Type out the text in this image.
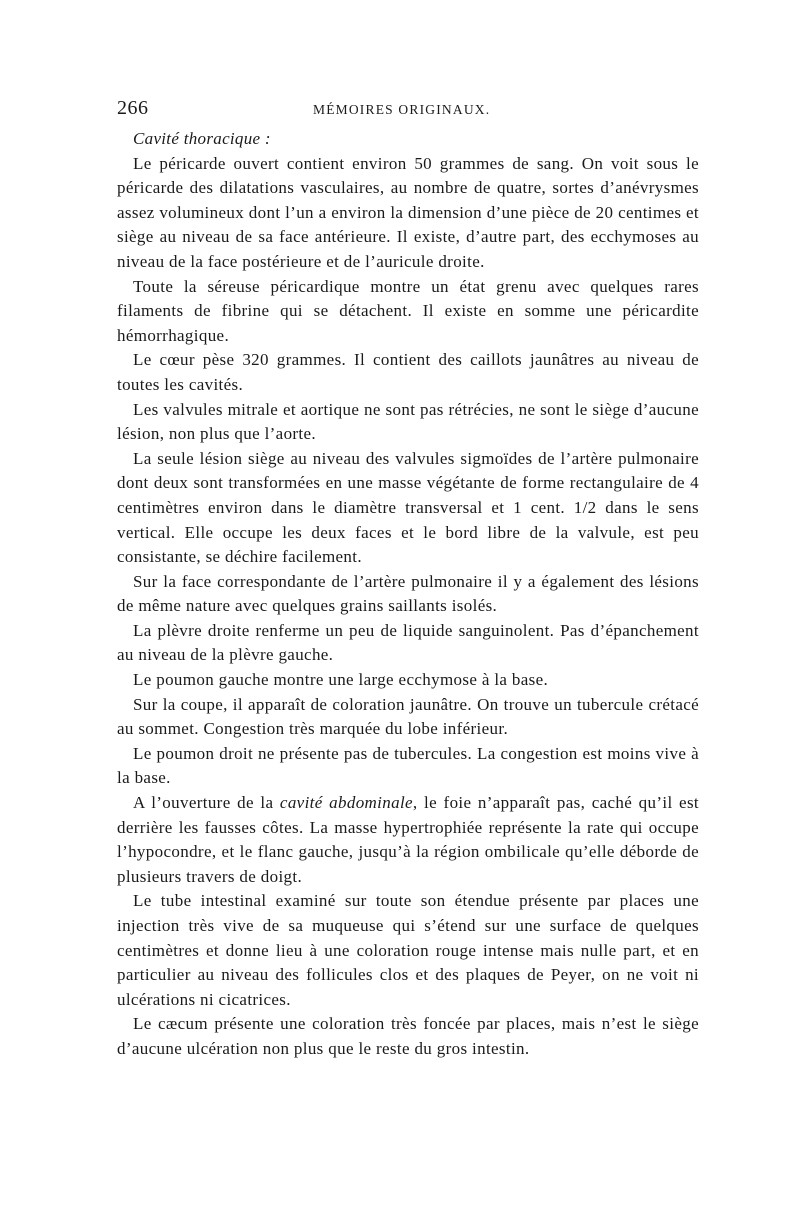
266	MÉMOIRES ORIGINAUX.
Cavité thoracique :

Le péricarde ouvert contient environ 50 grammes de sang. On voit sous le péricarde des dilatations vasculaires, au nombre de quatre, sortes d’anévrysmes assez volumineux dont l’un a environ la dimension d’une pièce de 20 centimes et siège au niveau de sa face antérieure. Il existe, d’autre part, des ecchymoses au niveau de la face postérieure et de l’auricule droite.

Toute la séreuse péricardique montre un état grenu avec quelques rares filaments de fibrine qui se détachent. Il existe en somme une péricardite hémorrhagique.

Le cœur pèse 320 grammes. Il contient des caillots jaunâtres au niveau de toutes les cavités.

Les valvules mitrale et aortique ne sont pas rétrécies, ne sont le siège d’aucune lésion, non plus que l’aorte.

La seule lésion siège au niveau des valvules sigmoïdes de l’artère pulmonaire dont deux sont transformées en une masse végétante de forme rectangulaire de 4 centimètres environ dans le diamètre transversal et 1 cent. 1/2 dans le sens vertical. Elle occupe les deux faces et le bord libre de la valvule, est peu consistante, se déchire facilement.

Sur la face correspondante de l’artère pulmonaire il y a également des lésions de même nature avec quelques grains saillants isolés.

La plèvre droite renferme un peu de liquide sanguinolent. Pas d’épanchement au niveau de la plèvre gauche.

Le poumon gauche montre une large ecchymose à la base.

Sur la coupe, il apparaît de coloration jaunâtre. On trouve un tubercule crétacé au sommet. Congestion très marquée du lobe inférieur.

Le poumon droit ne présente pas de tubercules. La congestion est moins vive à la base.

A l’ouverture de la cavité abdominale, le foie n’apparaît pas, caché qu’il est derrière les fausses côtes. La masse hypertrophiée représente la rate qui occupe l’hypocondre, et le flanc gauche, jusqu’à la région ombilicale qu’elle déborde de plusieurs travers de doigt.

Le tube intestinal examiné sur toute son étendue présente par places une injection très vive de sa muqueuse qui s’étend sur une surface de quelques centimètres et donne lieu à une coloration rouge intense mais nulle part, et en particulier au niveau des follicules clos et des plaques de Peyer, on ne voit ni ulcérations ni cicatrices.

Le cæcum présente une coloration très foncée par places, mais n’est le siège d’aucune ulcération non plus que le reste du gros intestin.
